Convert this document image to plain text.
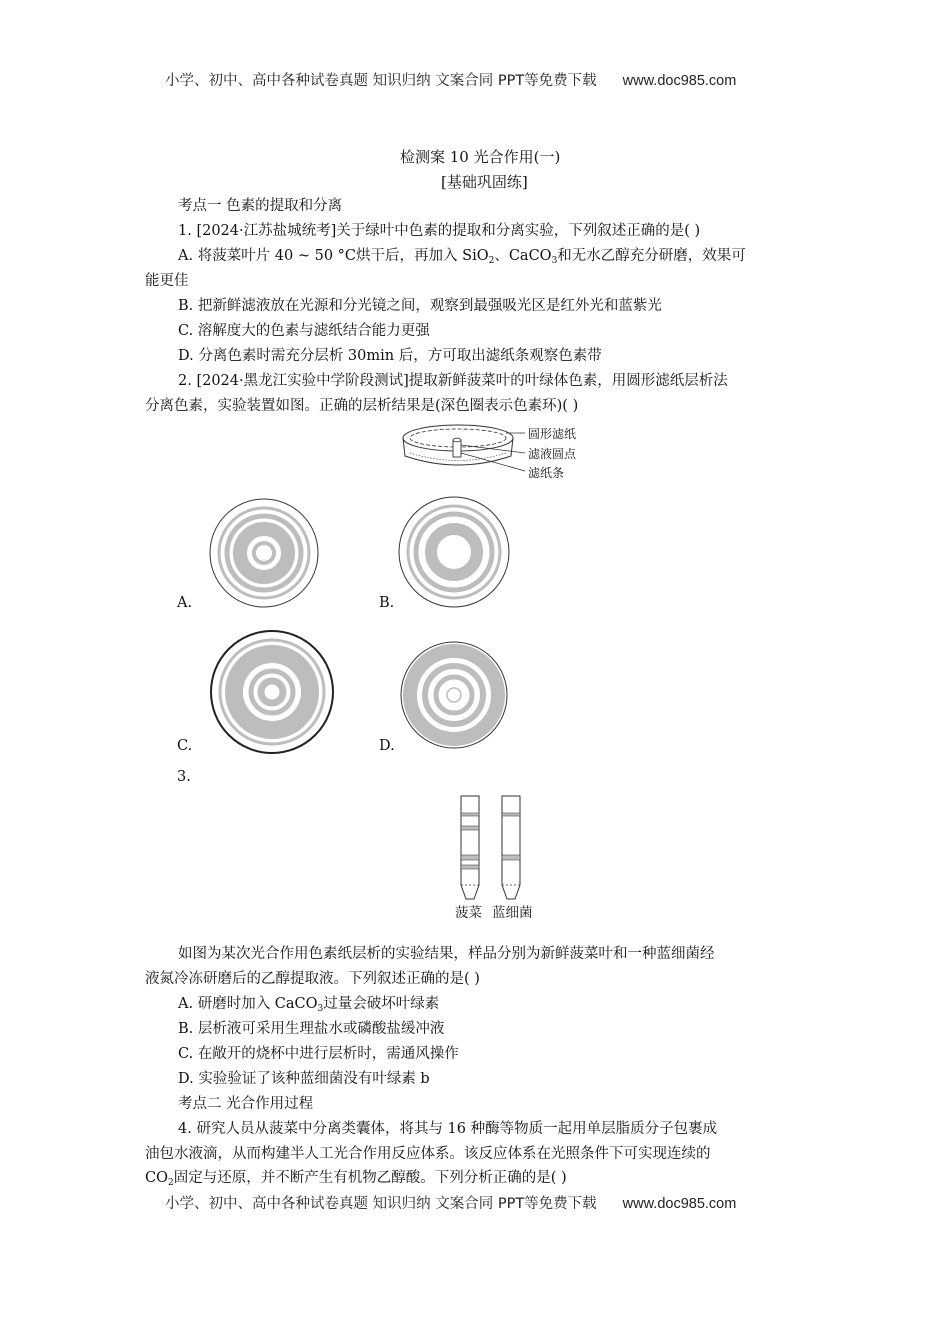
小学、初中、高中各种试卷真题 知识归纳 文案合同 PPT等免费下载 www.doc985.com
检测案 10 光合作用(一)
[基础巩固练]
考点一 色素的提取和分离
1. [2024·江苏盐城统考]关于绿叶中色素的提取和分离实验，下列叙述正确的是( )
A. 将菠菜叶片 40 ~ 50 °C烘干后，再加入 SiO$_2$、CaCO$_3$和无水乙醇充分研磨，效果可
能更佳
B. 把新鲜滤液放在光源和分光镜之间，观察到最强吸光区是红外光和蓝紫光
C. 溶解度大的色素与滤纸结合能力更强
D. 分离色素时需充分层析 30min 后，方可取出滤纸条观察色素带
2. [2024·黑龙江实验中学阶段测试]提取新鲜菠菜叶的叶绿体色素，用圆形滤纸层析法
分离色素，实验装置如图。正确的层析结果是(深色圈表示色素环)( )
圆形滤纸
滤液圆点
滤纸条
A.	B.
C.	D.
3.
菠菜 蓝细菌
如图为某次光合作用色素纸层析的实验结果，样品分别为新鲜菠菜叶和一种蓝细菌经
液氮冷冻研磨后的乙醇提取液。下列叙述正确的是( )
A. 研磨时加入 CaCO$_3$过量会破坏叶绿素
B. 层析液可采用生理盐水或磷酸盐缓冲液
C. 在敞开的烧杯中进行层析时，需通风操作
D. 实验验证了该种蓝细菌没有叶绿素 b
考点二 光合作用过程
4. 研究人员从菠菜中分离类囊体，将其与 16 种酶等物质一起用单层脂质分子包裹成
油包水液滴，从而构建半人工光合作用反应体系。该反应体系在光照条件下可实现连续的
$CO_2$固定与还原，并不断产生有机物乙醇酸。下列分析正确的是( )
小学、初中、高中各种试卷真题 知识归纳 文案合同 PPT等免费下载 www.doc985.com
